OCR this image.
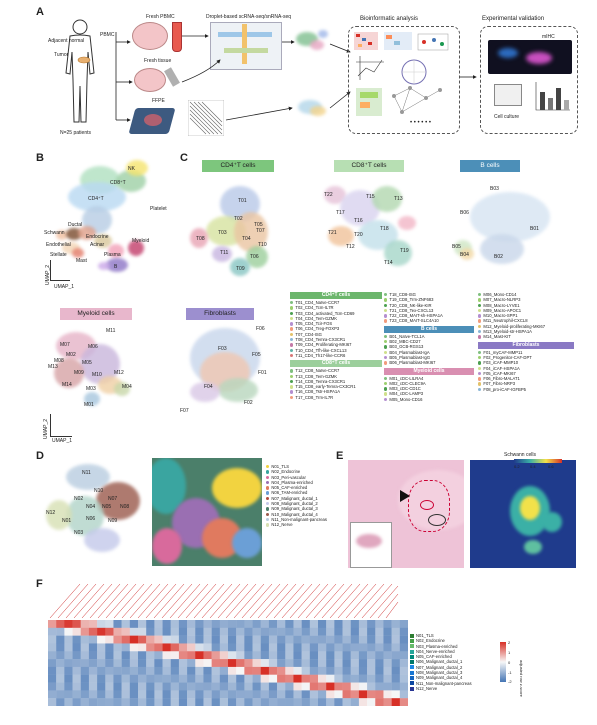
A
B	C
D	E
F
Adjacent normal
Tumor
PBMC
N=25 patients
Fresh PBMC
Fresh tissue
FFPE
Droplet-based scRNA-seq/snRNA-seq	Bioinformatic analysis
• • • • • •
Experimental validation
mIHC
Cell culture
NK
CD8⁺T
CD4⁺T
Platelet
Schwann
Ductal
Endocrine
Endothelial	Acinar
Myeloid
Stellate
Mast
Plasma
B
UMAP_2
UMAP_1
CD4⁺T cells	CD8⁺T cells	B cells
T01
T02
T03
T04
T05
T06
T07
T08
T09
T10
T11
T22	T15	T13
T17
T16
T21	T20
T18
T12
T19
T14
B03
B06
B01
B05
B04	B02
Myeloid cells	Fibroblasts
M11
M07	M06
M02
M08
M13
M09
M05
M10 M12
M04
M14
M03
M01
UMAP_2
UMAP_1
F06
F03
F05
F01
F04
F02
F07
CD4⁺T cells
T01_CD4_Naïve-CCR7
T02_CD4_Tcm-IL7R
T03_CD4_activated_Tcm-CD69
T04_CD4_Tem-GZMK
T05_CD4_Tcir-FOS
T06_CD4_Treg-FOXP3
T07_CD4-ISG
T08_CD4_Temra-CX3CR1
T09_CD4_Proliferating-MKI67
T10_CD4_Tfh-like-CXCL13
T11_CD4_Th17-like-CCR6
CD8⁺T cells
T12_CD8_Naïve-CCR7
T13_CD8_Tem-GZMK
T14_CD8_Temra-CX3CR1
T15_CD8_early-Temra-CX3CR1
T16_CD8_Tstr-HSPA1A
T17_CD8_Trm-IL7R
T18_CD8-ISG
T19_CD8_Trm-ZNF683
T20_CD8_NK-like-KIR
T21_CD8_Tex-CXCL13
T22_CD8_MAIT-sh-HSPA1A
T23_CD8_MAIT-SLC4A10
B cells
B01_Naïve-TCL1A
B02_MBC-CD27
B03_GCB-RGS13
B04_Plasmablast-IgA
B05_Plasmablast-IgG
B06_Plasmablast-MKI67
Myeloid cells
M01_cDC-LILRA4
M02_cDC-CLEC9A
M03_cDC-CD1C
M04_cDC-LAMP3
M05_Mono-CD16
M06_Mono-CD14
M07_Macro-NLRP3
M08_Macro-LYVE1
M09_Macro-APOC1
M10_Macro-SPP1
M11_Neutrophil-CXCL8
M12_Myeloid-proliferating-MKI67
M13_Myeloid-str-HSPA1A
M14_Mast-KIT
Fibroblasts
F01_myCAF-MMP11
F02_Progenitor-CAF-DPT
F03_iCAF-MMP10
F04_iCAF-HSPA1A
F05_iCAF-MKI67
F06_Fibro-MALAT1
F07_Fibro-NRP3
F08_pro-iCAF-IGFBP5
N11
N10
N07
N02
N04 N05 N08
N12
N01	N06	N09
N03
N01_TLS
N02_Endocrine
N03_Peri-vascular
N04_Plasma-enriched
N05_CAF-enriched
N06_TAM-enriched
N07_Malignant_ductal_1
N08_Malignant_ductal_2
N09_Malignant_ductal_3
N10_Malignant_ductal_4
N11_Non-malignant-pancreas
N12_Nerve
Schwann cells
0.2	0.4	0.6
N01_TLS
N02_Endocrine
N03_Plasma-enriched
N04_Nerve-enriched
N05_CAF-enriched
N06_Malignant_ductal_1
N07_Malignant_ductal_2
N08_Malignant_ductal_3
N09_Malignant_ductal_4
N11_Non-malignant-pancreas
N12_Nerve
2
1
0
-1
-2 adjusted row z-score
